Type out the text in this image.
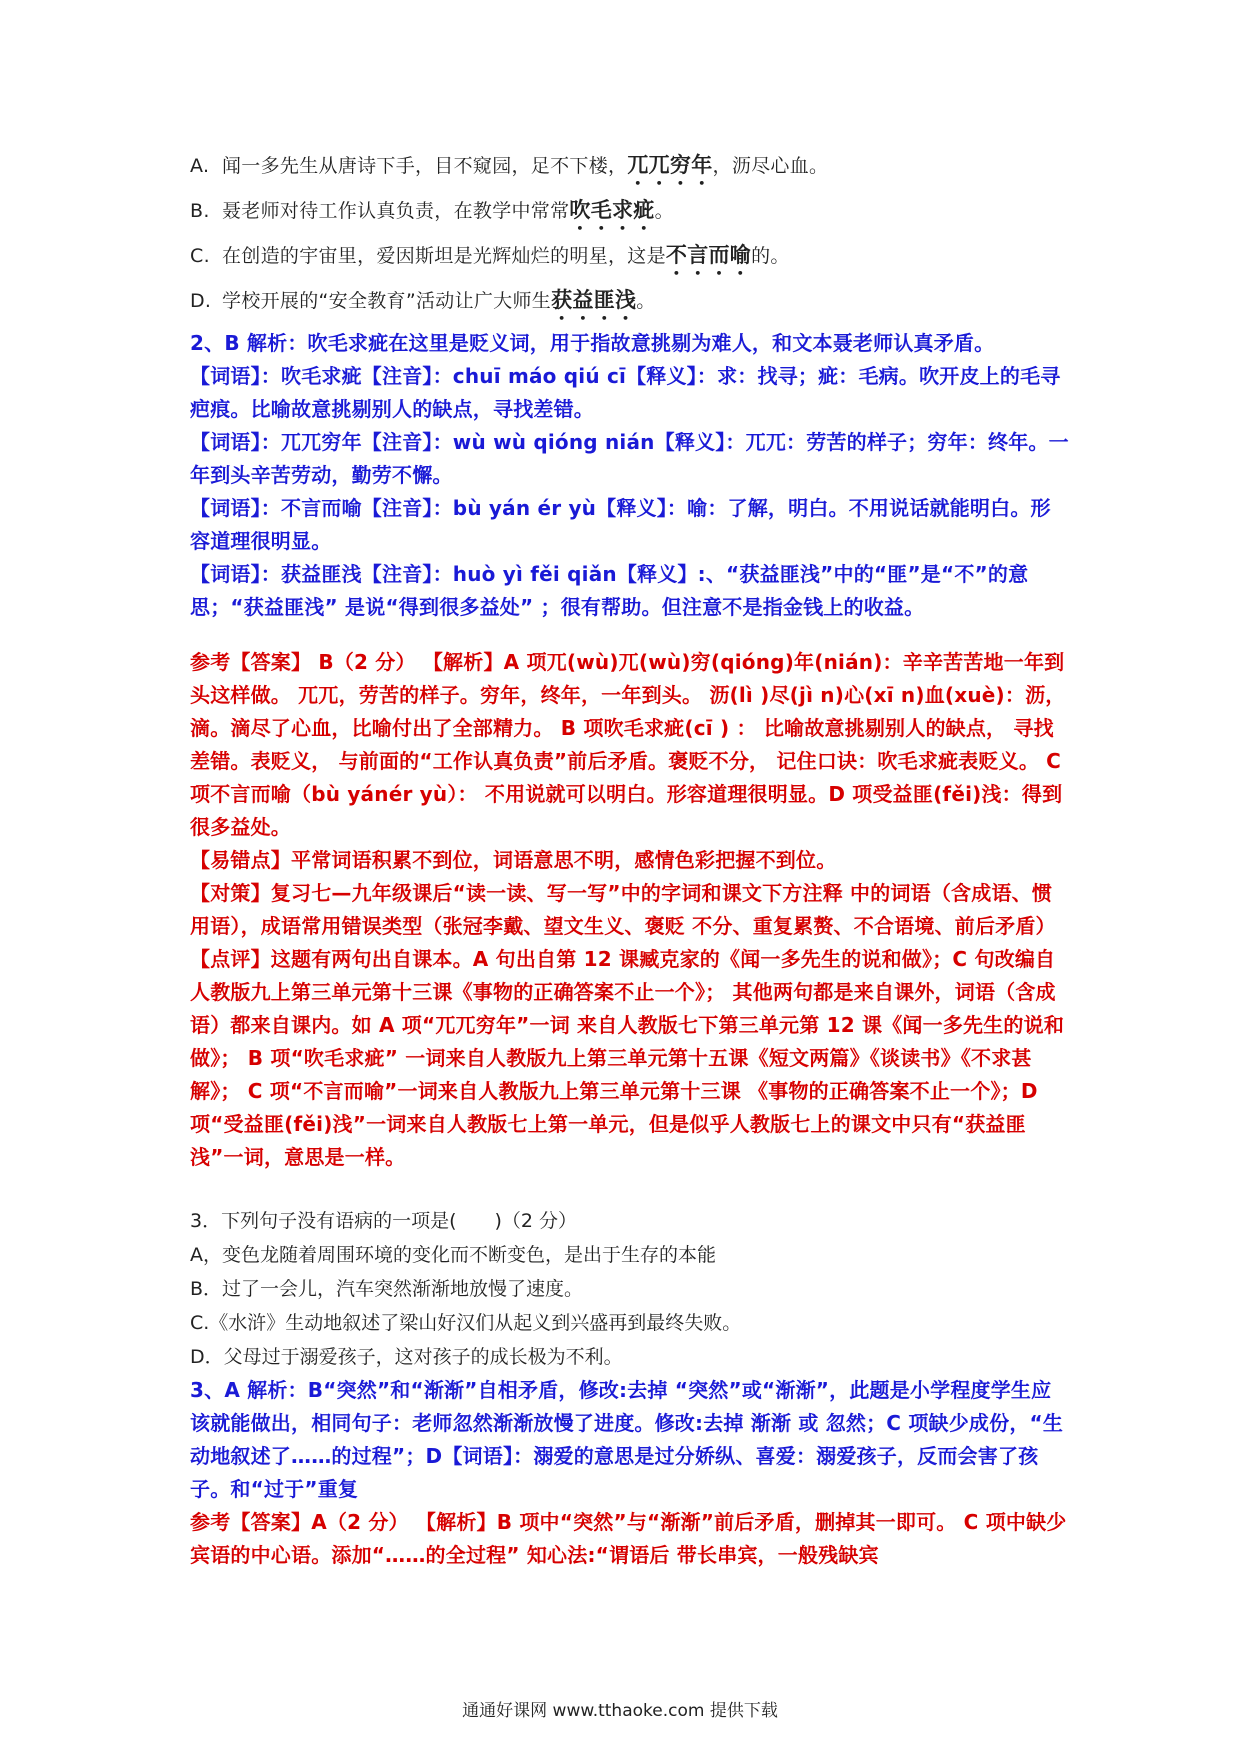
A. 闻一多先生从唐诗下手，目不窥园，足不下楼，兀兀穷年，沥尽心血。
B. 聂老师对待工作认真负责，在教学中常常吹毛求疵。
C. 在创造的宇宙里，爱因斯坦是光辉灿烂的明星，这是不言而喻的。
D. 学校开展的“安全教育”活动让广大师生获益匪浅。

2、B 解析：吹毛求疵在这里是贬义词，用于指故意挑剔为难人，和文本聂老师认真矛盾。

【词语】：吹毛求疵【注音】：chuī máo qiú cī【释义】：求：找寻；疵：毛病。吹开皮上的毛寻疤痕。比喻故意挑剔别人的缺点，寻找差错。

【词语】：兀兀穷年【注音】：wù wù qióng nián【释义】：兀兀：劳苦的样子；穷年：终年。一年到头辛苦劳动，勤劳不懈。

【词语】：不言而喻【注音】：bù yán ér yù【释义】：喻：了解，明白。不用说话就能明白。形容道理很明显。

【词语】：获益匪浅【注音】：huò yì fěi qiǎn【释义】:、“获益匪浅”中的“匪”是“不”的意思；“获益匪浅” 是说“得到很多益处” ；很有帮助。但注意不是指金钱上的收益。

参考【答案】 B（2 分） 【解析】A 项兀(wù)兀(wù)穷(qióng)年(nián)：辛辛苦苦地一年到头这样做。 兀兀，劳苦的样子。穷年，终年，一年到头。 沥(lì )尽(jì n)心(xī n)血(xuè)：沥，滴。滴尽了心血，比喻付出了全部精力。 B 项吹毛求疵(cī ) ： 比喻故意挑剔别人的缺点， 寻找差错。表贬义， 与前面的“工作认真负责”前后矛盾。褒贬不分， 记住口诀：吹毛求疵表贬义。 C 项不言而喻（bù yánér yù）： 不用说就可以明白。形容道理很明显。D 项受益匪(fěi)浅：得到很多益处。

【易错点】平常词语积累不到位，词语意思不明，感情色彩把握不到位。

【对策】复习七—九年级课后“读一读、写一写”中的字词和课文下方注释 中的词语（含成语、惯用语），成语常用错误类型（张冠李戴、望文生义、褒贬 不分、重复累赘、不合语境、前后矛盾）

【点评】这题有两句出自课本。A 句出自第 12 课臧克家的《闻一多先生的说和做》；C 句改编自人教版九上第三单元第十三课《事物的正确答案不止一个》； 其他两句都是来自课外，词语（含成语）都来自课内。如 A 项“兀兀穷年”一词 来自人教版七下第三单元第 12 课《闻一多先生的说和做》； B 项“吹毛求疵” 一词来自人教版九上第三单元第十五课《短文两篇》《谈读书》《不求甚解》； C 项“不言而喻”一词来自人教版九上第三单元第十三课 《事物的正确答案不止一个》；D 项“受益匪(fěi)浅”一词来自人教版七上第一单元，但是似乎人教版七上的课文中只有“获益匪浅”一词，意思是一样。

3．下列句子没有语病的一项是(　　)（2 分）
A，变色龙随着周围环境的变化而不断变色，是出于生存的本能
B．过了一会儿，汽车突然渐渐地放慢了速度。
C.《水浒》生动地叙述了梁山好汉们从起义到兴盛再到最终失败。
D．父母过于溺爱孩子，这对孩子的成长极为不利。

3、A 解析：B“突然”和“渐渐”自相矛盾，修改:去掉 “突然”或“渐渐”，此题是小学程度学生应该就能做出，相同句子：老师忽然渐渐放慢了进度。修改:去掉 渐渐 或 忽然；C 项缺少成份，“生动地叙述了……的过程”；D【词语】：溺爱的意思是过分娇纵、喜爱：溺爱孩子，反而会害了孩子。和“过于”重复

参考【答案】A（2 分） 【解析】B 项中“突然”与“渐渐”前后矛盾，删掉其一即可。 C 项中缺少宾语的中心语。添加“……的全过程” 知心法:“谓语后 带长串宾，一般残缺宾

通通好课网 www.tthaoke.com 提供下载
